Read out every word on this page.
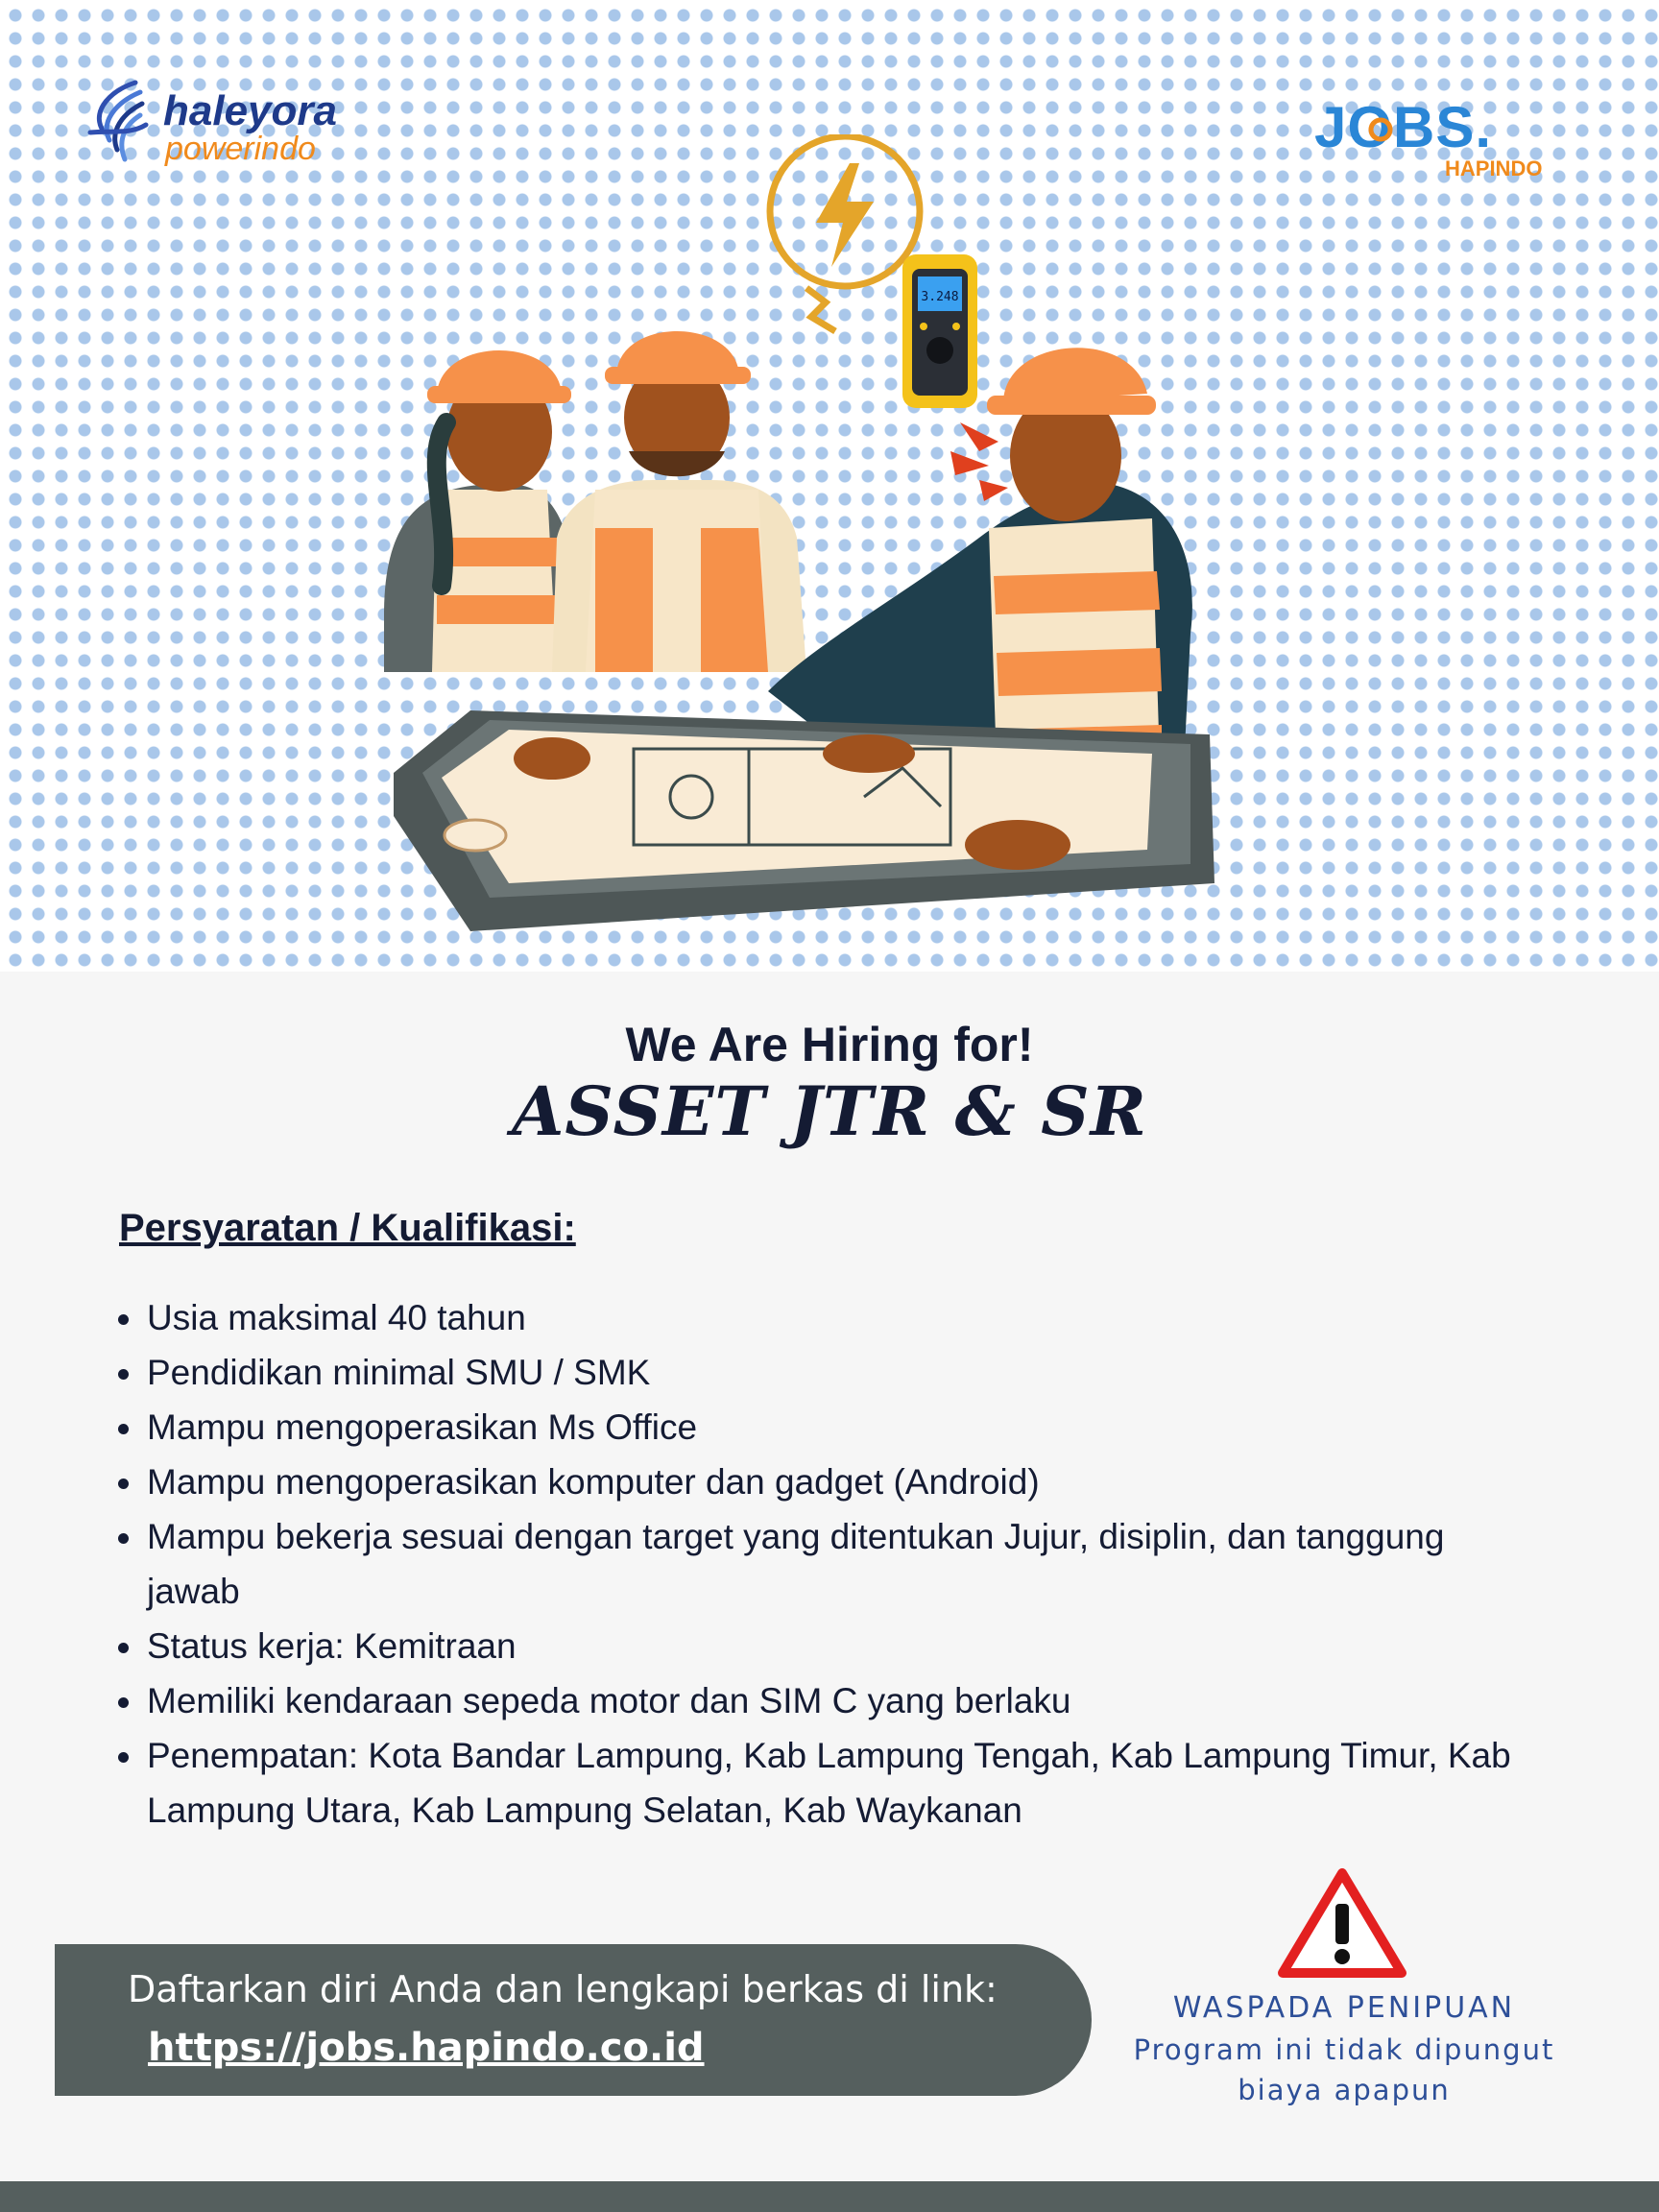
haleyora
powerindo	JOBS.
HAPINDO
3.248
We Are Hiring for!
ASSET JTR & SR
Persyaratan / Kualifikasi:
Usia maksimal 40 tahun
Pendidikan minimal SMU / SMK
Mampu mengoperasikan Ms Office
Mampu mengoperasikan komputer dan gadget (Android)
Mampu bekerja sesuai dengan target yang ditentukan Jujur, disiplin, dan tanggung jawab
Status kerja: Kemitraan
Memiliki kendaraan sepeda motor dan SIM C yang berlaku
Penempatan: Kota Bandar Lampung, Kab Lampung Tengah, Kab Lampung Timur, Kab Lampung Utara, Kab Lampung Selatan, Kab Waykanan
Daftarkan diri Anda dan lengkapi berkas di link:
https://jobs.hapindo.co.id
WASPADA PENIPUAN
Program ini tidak dipungut biaya apapun
